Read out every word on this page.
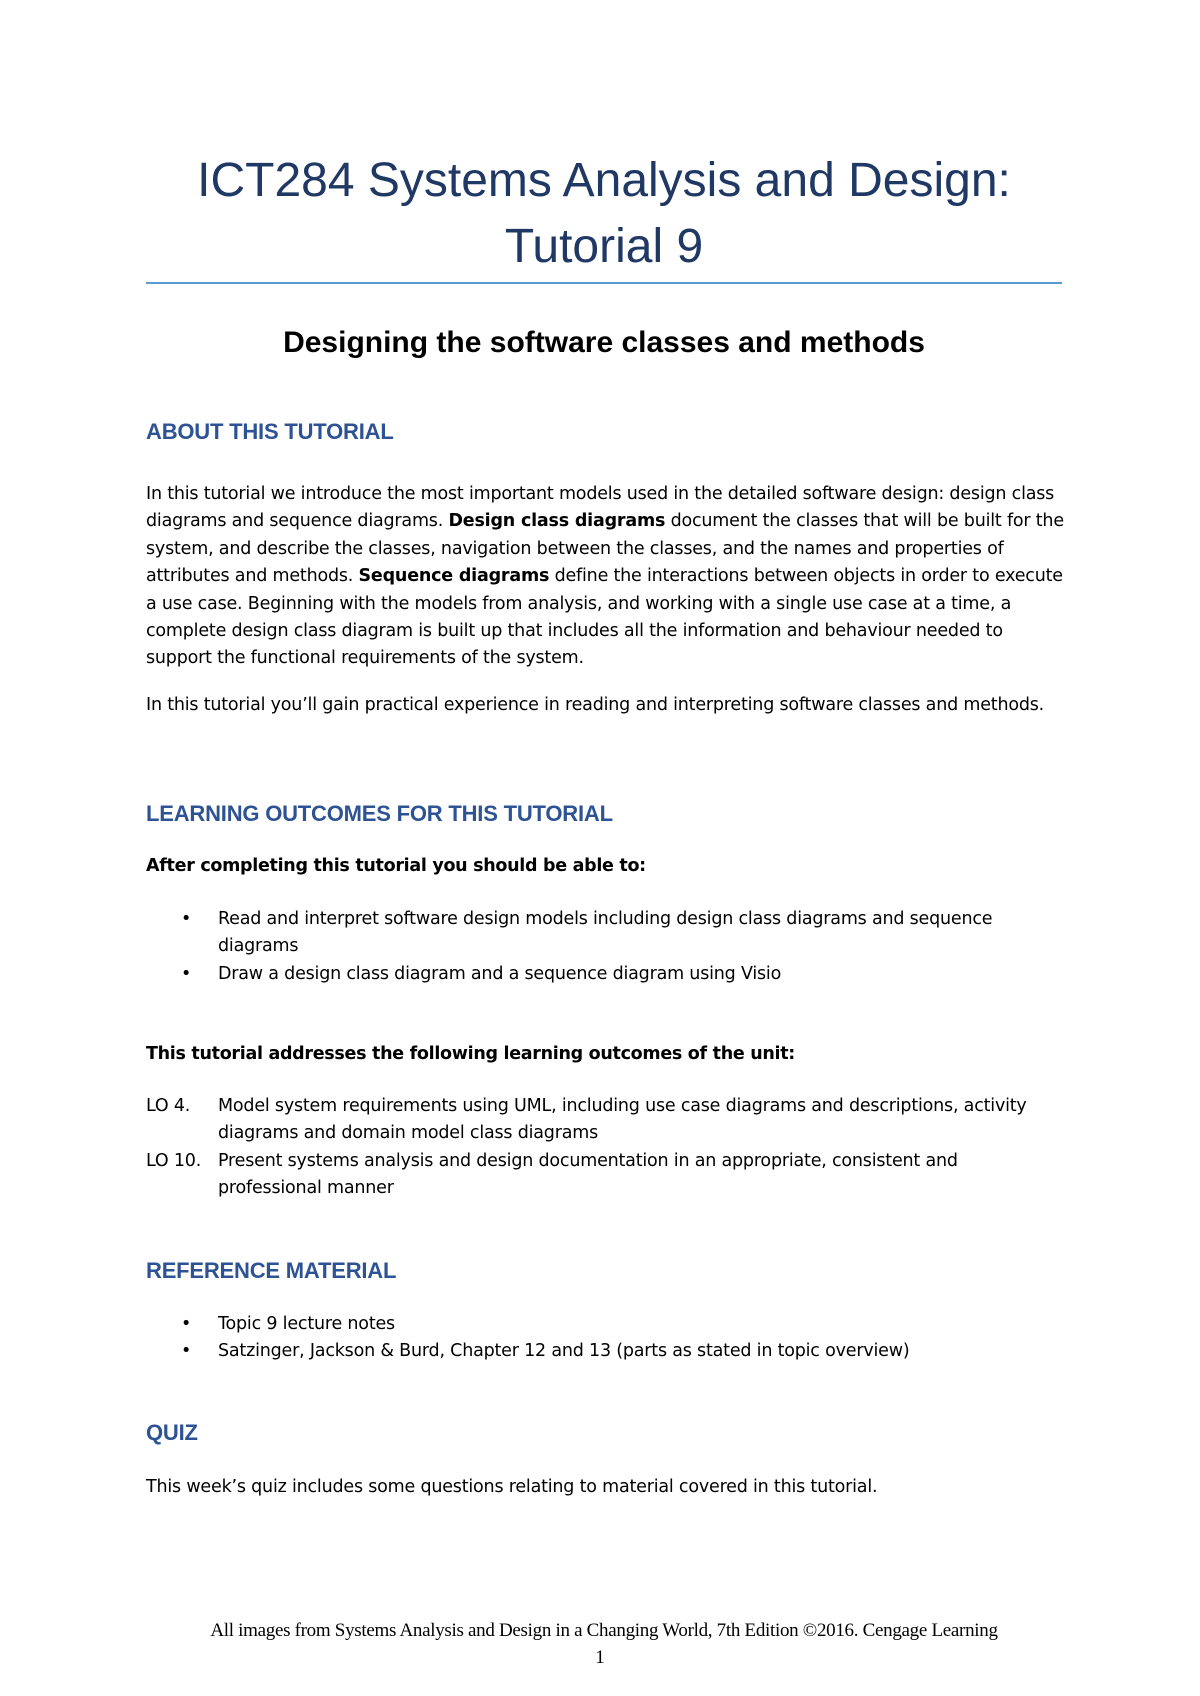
ICT284 Systems Analysis and Design:
Tutorial 9
Designing the software classes and methods
ABOUT THIS TUTORIAL

In this tutorial we introduce the most important models used in the detailed software design: design class diagrams and sequence diagrams. Design class diagrams document the classes that will be built for the system, and describe the classes, navigation between the classes, and the names and properties of attributes and methods. Sequence diagrams define the interactions between objects in order to execute a use case. Beginning with the models from analysis, and working with a single use case at a time, a complete design class diagram is built up that includes all the information and behaviour needed to support the functional requirements of the system.

In this tutorial you’ll gain practical experience in reading and interpreting software classes and methods.

LEARNING OUTCOMES FOR THIS TUTORIAL
After completing this tutorial you should be able to:
• Read and interpret software design models including design class diagrams and sequence diagrams
• Draw a design class diagram and a sequence diagram using Visio
This tutorial addresses the following learning outcomes of the unit:
LO 4. Model system requirements using UML, including use case diagrams and descriptions, activity diagrams and domain model class diagrams
LO 10. Present systems analysis and design documentation in an appropriate, consistent and professional manner
REFERENCE MATERIAL
• Topic 9 lecture notes
• Satzinger, Jackson & Burd, Chapter 12 and 13 (parts as stated in topic overview)
QUIZ

This week’s quiz includes some questions relating to material covered in this tutorial.

All images from Systems Analysis and Design in a Changing World, 7th Edition ©2016. Cengage Learning
1
